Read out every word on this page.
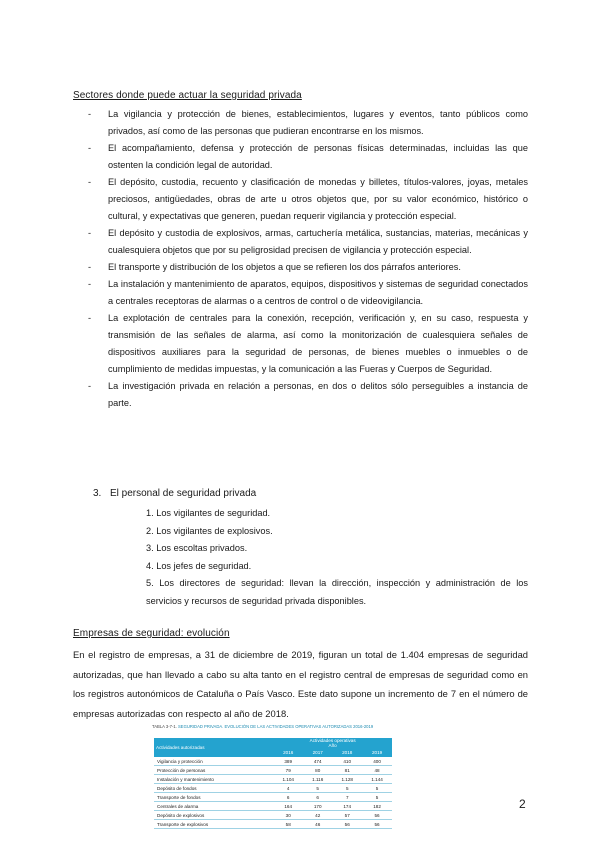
Sectores donde puede actuar la seguridad privada
- La vigilancia y protección de bienes, establecimientos, lugares y eventos, tanto públicos como privados, así como de las personas que pudieran encontrarse en los mismos.
- El acompañamiento, defensa y protección de personas físicas determinadas, incluidas las que ostenten la condición legal de autoridad.
- El depósito, custodia, recuento y clasificación de monedas y billetes, títulos-valores, joyas, metales preciosos, antigüedades, obras de arte u otros objetos que, por su valor económico, histórico o cultural, y expectativas que generen, puedan requerir vigilancia y protección especial.
- El depósito y custodia de explosivos, armas, cartuchería metálica, sustancias, materias, mecánicas y cualesquiera objetos que por su peligrosidad precisen de vigilancia y protección especial.
- El transporte y distribución de los objetos a que se refieren los dos párrafos anteriores.
- La instalación y mantenimiento de aparatos, equipos, dispositivos y sistemas de seguridad conectados a centrales receptoras de alarmas o a centros de control o de videovigilancia.
- La explotación de centrales para la conexión, recepción, verificación y, en su caso, respuesta y transmisión de las señales de alarma, así como la monitorización de cualesquiera señales de dispositivos auxiliares para la seguridad de personas, de bienes muebles o inmuebles o de cumplimiento de medidas impuestas, y la comunicación a las Fueras y Cuerpos de Seguridad.
- La investigación privada en relación a personas, en dos o delitos sólo perseguibles a instancia de parte.
3. El personal de seguridad privada
1. Los vigilantes de seguridad.
2. Los vigilantes de explosivos.
3. Los escoltas privados.
4. Los jefes de seguridad.
5. Los directores de seguridad: llevan la dirección, inspección y administración de los servicios y recursos de seguridad privada disponibles.
Empresas de seguridad: evolución

En el registro de empresas, a 31 de diciembre de 2019, figuran un total de 1.404 empresas de seguridad autorizadas, que han llevado a cabo su alta tanto en el registro central de empresas de seguridad como en los registros autonómicos de Cataluña o País Vasco. Este dato supone un incremento de 7 en el número de empresas autorizadas con respecto al año de 2018.

TABLA 3-7-1. SEGURIDAD PRIVADA. EVOLUCIÓN DE LAS ACTIVIDADES OPERATIVAS AUTORIZADAS 2016-2019
Actividades autorizadas	Actividades operativas
Año			

	2016	2017	2018	2019
Vigilancia y protección	389	474	410	400
Protección de personas	79	80	81	48
Instalación y mantenimiento	1.104	1.116	1.128	1.144
Depósito de fondos	4	5	5	5
Transporte de fondos	6	6	7	5
Centrales de alarma	164	170	174	182
Depósito de explosivos	30	42	57	56
Transporte de explosivos	58	46	56	56
2
